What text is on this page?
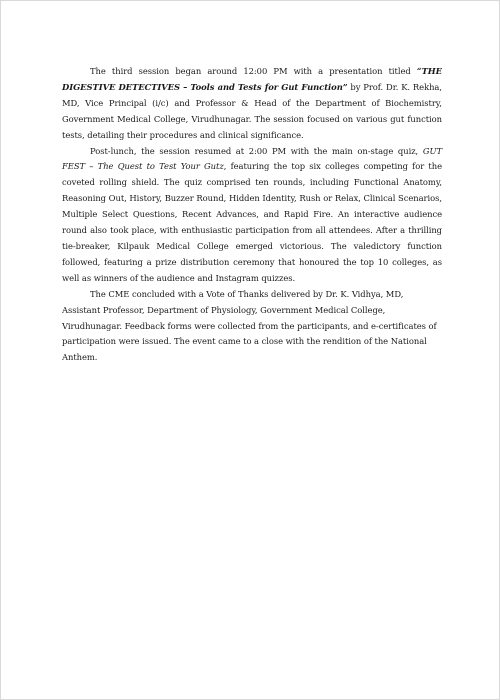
The third session began around 12:00 PM with a presentation titled “THE DIGESTIVE DETECTIVES – Tools and Tests for Gut Function” by Prof. Dr. K. Rekha, MD, Vice Principal (i/c) and Professor & Head of the Department of Biochemistry, Government Medical College, Virudhunagar. The session focused on various gut function tests, detailing their procedures and clinical significance.

Post-lunch, the session resumed at 2:00 PM with the main on-stage quiz, GUT FEST – The Quest to Test Your Gutz, featuring the top six colleges competing for the coveted rolling shield. The quiz comprised ten rounds, including Functional Anatomy, Reasoning Out, History, Buzzer Round, Hidden Identity, Rush or Relax, Clinical Scenarios, Multiple Select Questions, Recent Advances, and Rapid Fire. An interactive audience round also took place, with enthusiastic participation from all attendees. After a thrilling tie-breaker, Kilpauk Medical College emerged victorious. The valedictory function followed, featuring a prize distribution ceremony that honoured the top 10 colleges, as well as winners of the audience and Instagram quizzes.

The CME concluded with a Vote of Thanks delivered by Dr. K. Vidhya, MD, Assistant Professor, Department of Physiology, Government Medical College, Virudhunagar. Feedback forms were collected from the participants, and e-certificates of participation were issued. The event came to a close with the rendition of the National Anthem.
